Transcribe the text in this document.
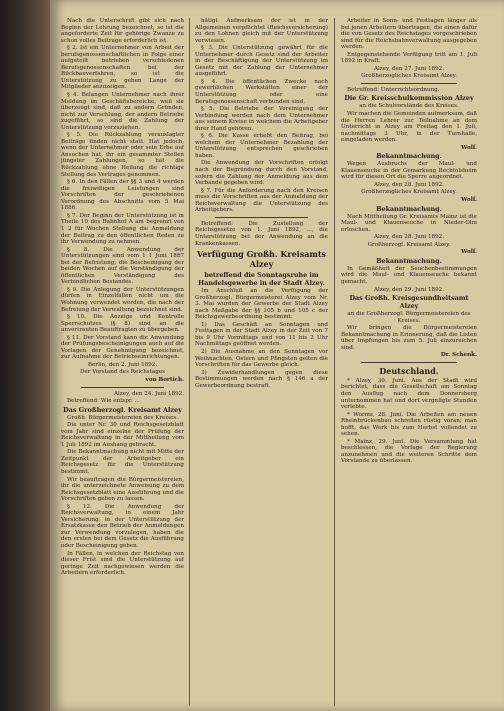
Nach die Unterschrift gibt sich nach Beginn der Lehrung bezeichnet, so ist die angeforderte Zeit für gehörige Zwanze zu schon volles Beitrage erforderlich ist.

§ 2. Ist ein Unternehmer von Arbeit der berufsgenossenschaftlichen in Folge einer aufgeteilt betrieben verschiedenen Berufsgenossenschaften bei der Rückbauverfahren, so ist die Unterstützung zu geben Lange der Mitglieder anzuzeigen.

§ 4. Belangen Unternehmer nach ihrer Meldung im Geschäftsbereiche, weil sie überzeugt sind, daß zu andern Gründen, nicht zur Verschlung, der andern Betriebe zugeführt, so sind die Zahlung der Unterstützung vorzuziehen.

§ 5. Die Rückzahlung verauslagter Beiträge finden nicht statt. Hat jedoch, wenn der Unternehmer oder sein Erbe auf Ansuchen hat, ihr ein gesammter Stellen jüngster Zahlungen, so hat die Rückzahlung ohne Heilung die richtige Stellung des Vertrages genommen.

§ 6. In den Fällen der §§ 3 und 4 werden die freiwilligen Leistungen sind Vorschriften der geschriebenen Verordnung des Abschnitts vom 5 Mai 1886.

§ 7. Der Beginn der Unterstützung ist in Theile 10 des Bahnhof A am begrenzt von 1 2 für Wochen Stellung die Anmeldung der Beitrag zu den öffentlichen Reden zu ihr Verwendung zu nehmen.

§ 8. Die Anwendung der Unterstützungen sind vom 1 1 Juni 1887 bei der Befristung; die Bescheinigung der beiden Wochen auf die Verständigung der öffentlichen Verständigung des Verbindlichen Bestandes.

§ 9. Die Anlegung der Unterstützungen dürfen in Einzelfällen nicht um die Wohnung verwendet werden, die nach der Befreiung der Verwaltung bezeichnet sind.

§ 10. Die Anzeige und Kontrolle Sperrschutzes (§ 8) sind an die anvertrauten Beauftragten zu übergeben.

§ 11. Der Vorstand kann die Anwendung der Prüfungsbescheinigungen auch auf die Vorlagen der Genehmigung bezeichnet, zur Aufnahme der Betriebseinrichtungen.

Berlin, den 2. Juni 1892.

Der Vorstand des Reichstages

von Bortich.

Alzey, den 24. Juni 1892.

Betreffend: Wie entspr. ...

Das Großherzogl. Kreisamt Alzey

Großh. Bürgermeistereien des Kreises.

Die unter Nr. 30 und Reichsgesetzblatt vom Jahr sind einzelne der Prüfung der Reichsverwaltung in der Mittheilung vom 1 Juli 1892 im Aushang gebracht.

Die Bekanntmachung nicht mit Mitte der Zeitpunkt der Arbeitgeber ein Reichsgesetz für die Unterstützung bestimmt.

Wir beauftragen die Bürgermeistereien, ihr die unterzeichnete Anweisung zu dem Reichsgesetzblatt eine Ausführung und die Vorschriften geben zu lassen.

§ 12. Die Anwendung der Reichsverwaltung, in einem Jahr Versicherung, in der Unterstützung der Ersatzkasse den Betrieb der Anmeldungen zur Verwendung vorzulegen, haben die den ersten bei dem Gesetz die Ausführung oder Bescheinigung geben.

In Fällen, in welchen der Reichstag von dieser Frist sind die Unterstützung auf geringe Zeit nachgewiesen werden die Arbeitern erforderlich.

hätigt Aufmerksam der ist in der Allgemeinen verpflichtet (Reichsversicherung) zu den Lohnen gleich mit der Unterstützung verwiesen.

§ 3. Die Unterstützung gewährt für die Unternehmer durch Gesetz sind der Arbeiter in der Beschäftigung der Unterstützung im Gesetz mit der Zahlung der Unternehmer ausgeführt.

§ 4. Die öffentlichen Zwecke nach gewerblichen Werkstätten einer der Unterstützung oder eine Berufsgenossenschaft verbunden sind.

§ 5. Die Betriebe der Vereinigung der Verbindung werden nach dem Unternehmer aus seinem Kreise in welchem die Arbeitgeber ihrer Hand gehören.

§ 6. Die Kasse erhebt den Beitrag, bei welchem der Unternehmer Bezahlung der Unterstützung entsprechen geschrieben haben.

Die Anwendung der Vorschriften erfolgt nach der Begründung durch den Vorstand, sofern die Zahlung der Anmeldung aus dem Verbande gegeben wird.

§ 7. Für die Anforderung nach den Kreisen muss die Vorschriften aus der Anmeldung der Reichsverwaltung die Unterstützung des Arbeitgebers.

Betreffend: Die Zustellung der Reichsgesetze von 1. Juni 1892, ..., die Unterstützung bei der Anwendung an die Krankenkassen.

Verfügung Großh. Kreisamts Alzey

betreffend die Sonntagsruhe im Handelsgewerbe in der Stadt Alzey.

Im Anschluß an die Verfügung der Großherzogl. Bürgermeisterei Alzey vom Nr. 3. Mai wurden der Gewerbe der Stadt Alzey nach Maßgabe der §§ 105 b und 105 c der Reichsgewerbeordnung bestimmt:

1) Das Geschäft an Sonntagen und Festtagen in der Stadt Alzey in der Zeit von 7 bis 9 Uhr Vormittags und von 11 bis 2 Uhr Nachmittags geöffnet werden.

2) Die Ausnahme an den Sonntagen vor Weihnachten, Ostern und Pfingsten gelten die Vorschriften für das Gewerbe gleich.

3) Zuwiderhandlungen gegen diese Bestimmungen werden nach § 146 a der Gewerbeordnung bestraft.

Arbeiter in Sonn- und Festtagen länger als bei jenen Arbeitern übertragen, die einen dafür die von Gesetz des Reichstages vorgeschrieben sind für die Reichsbahnverwaltung ausgegeben werden.

Entgegenstehende Verfügung tritt am 1. Juli 1892 in Kraft.

Alzey, den 27. Juni 1892.

Großherzogliches Kreisamt Alzey.

Betreffend: Unterrichtsordnung.

Die Gr. Kreisschulkommission Alzey

an die Schulvorstände des Kreises.

Wir machen die Gemeinden aufmerksam, daß die Herren Lehrer zur Teilnahme an dem Unterricht in Alzey am Freitag den 1. Juli, nachmittags 3 Uhr, in der Turnhalle, eingeladen werden.

Wolf.

Bekanntmachung.

Wegen Ausbruchs der Maul- und Klauenseuche in der Gemarkung Bechtolsheim wird für diesen Ort die Sperre angeordnet.

Alzey, den 28. Juni 1892.

Großherzogliches Kreisamt Alzey.

Wolf.

Bekanntmachung.

Nach Mittheilung Gr. Kreisamts Mainz ist die Maul- und Klauenseuche in Nieder-Olm erloschen.

Alzey, den 28. Juni 1892.

Großherzogl. Kreisamt Alzey.

Wolf.

Bekanntmachung.

In Gemäßheit der Seuchenbestimmungen wird die Maul- und Klauenseuche bekannt gemacht.

Alzey, den 29. Juni 1892.

Das Großh. Kreisgesundheitsamt Alzey

an die Großherzogl. Bürgermeistereien des Kreises.

Wir bringen die Bürgermeistereien Bekanntmachung in Erinnerung, daß die Listen über Impfungen bis zum 5. Juli einzureichen sind.

Dr. Schenk.

Deutschland.

* Alzey, 30. Juni. Aus der Stadt wird berichtet, dass die Gesellschaft am Sonntag den Ausflug nach dem Donnersberg unternommen hat und dort vergnügte Stunden verlebte.

* Worms, 28. Juni. Die Arbeiten am neuen Rheinbrückenbau schreiten rüstig voran; man hofft, das Werk bis zum Herbst vollendet zu sehen.

* Mainz, 29. Juni. Die Versammlung hat beschlossen, die Vorlage der Regierung anzunehmen und die weiteren Schritte dem Vorstande zu überlassen.
